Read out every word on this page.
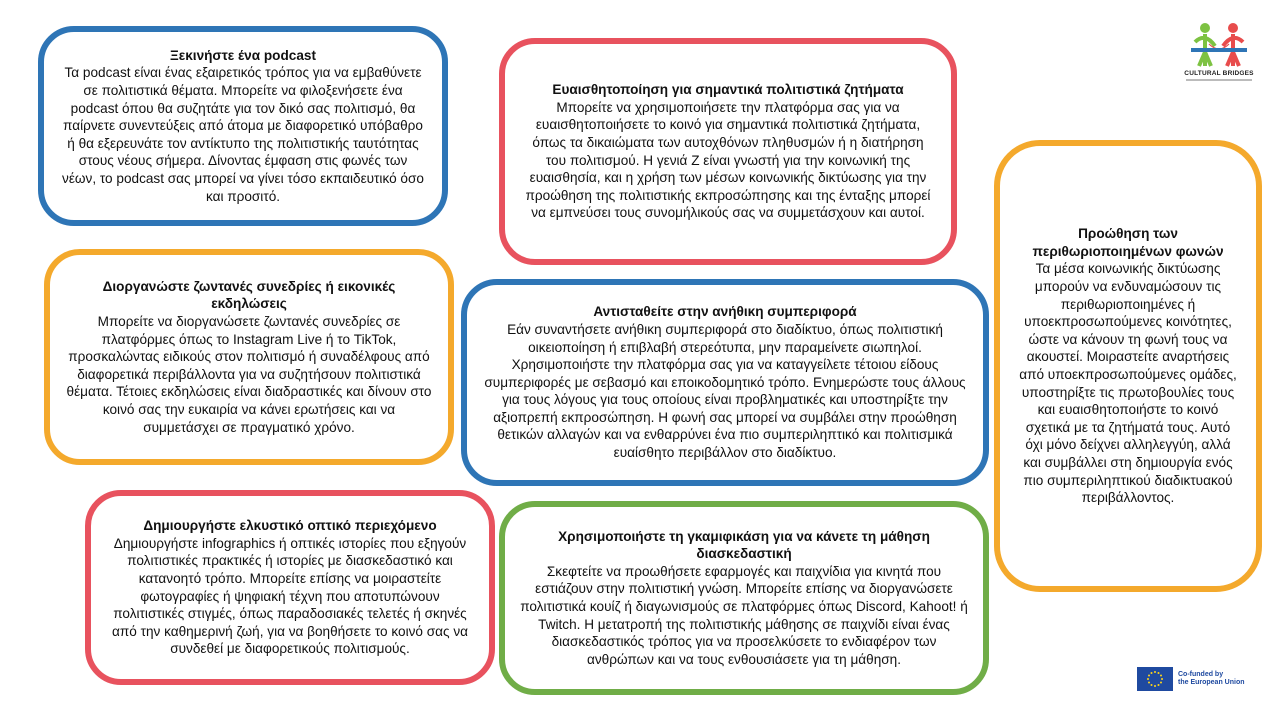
Ξεκινήστε ένα podcast
Τα podcast είναι ένας εξαιρετικός τρόπος για να εμβαθύνετε σε πολιτιστικά θέματα. Μπορείτε να φιλοξενήσετε ένα podcast όπου θα συζητάτε για τον δικό σας πολιτισμό, θα παίρνετε συνεντεύξεις από άτομα με διαφορετικό υπόβαθρο ή θα εξερευνάτε τον αντίκτυπο της πολιτιστικής ταυτότητας στους νέους σήμερα. Δίνοντας έμφαση στις φωνές των νέων, το podcast σας μπορεί να γίνει τόσο εκπαιδευτικό όσο και προσιτό.
Ευαισθητοποίηση για σημαντικά πολιτιστικά ζητήματα
Μπορείτε να χρησιμοποιήσετε την πλατφόρμα σας για να ευαισθητοποιήσετε το κοινό για σημαντικά πολιτιστικά ζητήματα, όπως τα δικαιώματα των αυτοχθόνων πληθυσμών ή η διατήρηση του πολιτισμού. Η γενιά Ζ είναι γνωστή για την κοινωνική της ευαισθησία, και η χρήση των μέσων κοινωνικής δικτύωσης για την προώθηση της πολιτιστικής εκπροσώπησης και της ένταξης μπορεί να εμπνεύσει τους συνομήλικούς σας να συμμετάσχουν και αυτοί.
Προώθηση των περιθωριοποιημένων φωνών
Τα μέσα κοινωνικής δικτύωσης μπορούν να ενδυναμώσουν τις περιθωριοποιημένες ή υποεκπροσωπούμενες κοινότητες, ώστε να κάνουν τη φωνή τους να ακουστεί. Μοιραστείτε αναρτήσεις από υποεκπροσωπούμενες ομάδες, υποστηρίξτε τις πρωτοβουλίες τους και ευαισθητοποιήστε το κοινό σχετικά με τα ζητήματά τους. Αυτό όχι μόνο δείχνει αλληλεγγύη, αλλά και συμβάλλει στη δημιουργία ενός πιο συμπεριληπτικού διαδικτυακού περιβάλλοντος.
Διοργανώστε ζωντανές συνεδρίες ή εικονικές εκδηλώσεις
Μπορείτε να διοργανώσετε ζωντανές συνεδρίες σε πλατφόρμες όπως το Instagram Live ή το TikTok, προσκαλώντας ειδικούς στον πολιτισμό ή συναδέλφους από διαφορετικά περιβάλλοντα για να συζητήσουν πολιτιστικά θέματα. Τέτοιες εκδηλώσεις είναι διαδραστικές και δίνουν στο κοινό σας την ευκαιρία να κάνει ερωτήσεις και να συμμετάσχει σε πραγματικό χρόνο.
Αντισταθείτε στην ανήθικη συμπεριφορά
Εάν συναντήσετε ανήθικη συμπεριφορά στο διαδίκτυο, όπως πολιτιστική οικειοποίηση ή επιβλαβή στερεότυπα, μην παραμείνετε σιωπηλοί. Χρησιμοποιήστε την πλατφόρμα σας για να καταγγείλετε τέτοιου είδους συμπεριφορές με σεβασμό και εποικοδομητικό τρόπο. Ενημερώστε τους άλλους για τους λόγους για τους οποίους είναι προβληματικές και υποστηρίξτε την αξιοπρεπή εκπροσώπηση. Η φωνή σας μπορεί να συμβάλει στην προώθηση θετικών αλλαγών και να ενθαρρύνει ένα πιο συμπεριληπτικό και πολιτισμικά ευαίσθητο περιβάλλον στο διαδίκτυο.
Δημιουργήστε ελκυστικό οπτικό περιεχόμενο
Δημιουργήστε infographics ή οπτικές ιστορίες που εξηγούν πολιτιστικές πρακτικές ή ιστορίες με διασκεδαστικό και κατανοητό τρόπο. Μπορείτε επίσης να μοιραστείτε φωτογραφίες ή ψηφιακή τέχνη που αποτυπώνουν πολιτιστικές στιγμές, όπως παραδοσιακές τελετές ή σκηνές από την καθημερινή ζωή, για να βοηθήσετε το κοινό σας να συνδεθεί με διαφορετικούς πολιτισμούς.
Χρησιμοποιήστε τη γκαμιφικάση για να κάνετε τη μάθηση διασκεδαστική
Σκεφτείτε να προωθήσετε εφαρμογές και παιχνίδια για κινητά που εστιάζουν στην πολιτιστική γνώση. Μπορείτε επίσης να διοργανώσετε πολιτιστικά κουίζ ή διαγωνισμούς σε πλατφόρμες όπως Discord, Kahoot! ή Twitch. Η μετατροπή της πολιτιστικής μάθησης σε παιχνίδι είναι ένας διασκεδαστικός τρόπος για να προσελκύσετε το ενδιαφέρον των ανθρώπων και να τους ενθουσιάσετε για τη μάθηση.
CULTURAL BRIDGES
Co-funded by
the European Union
